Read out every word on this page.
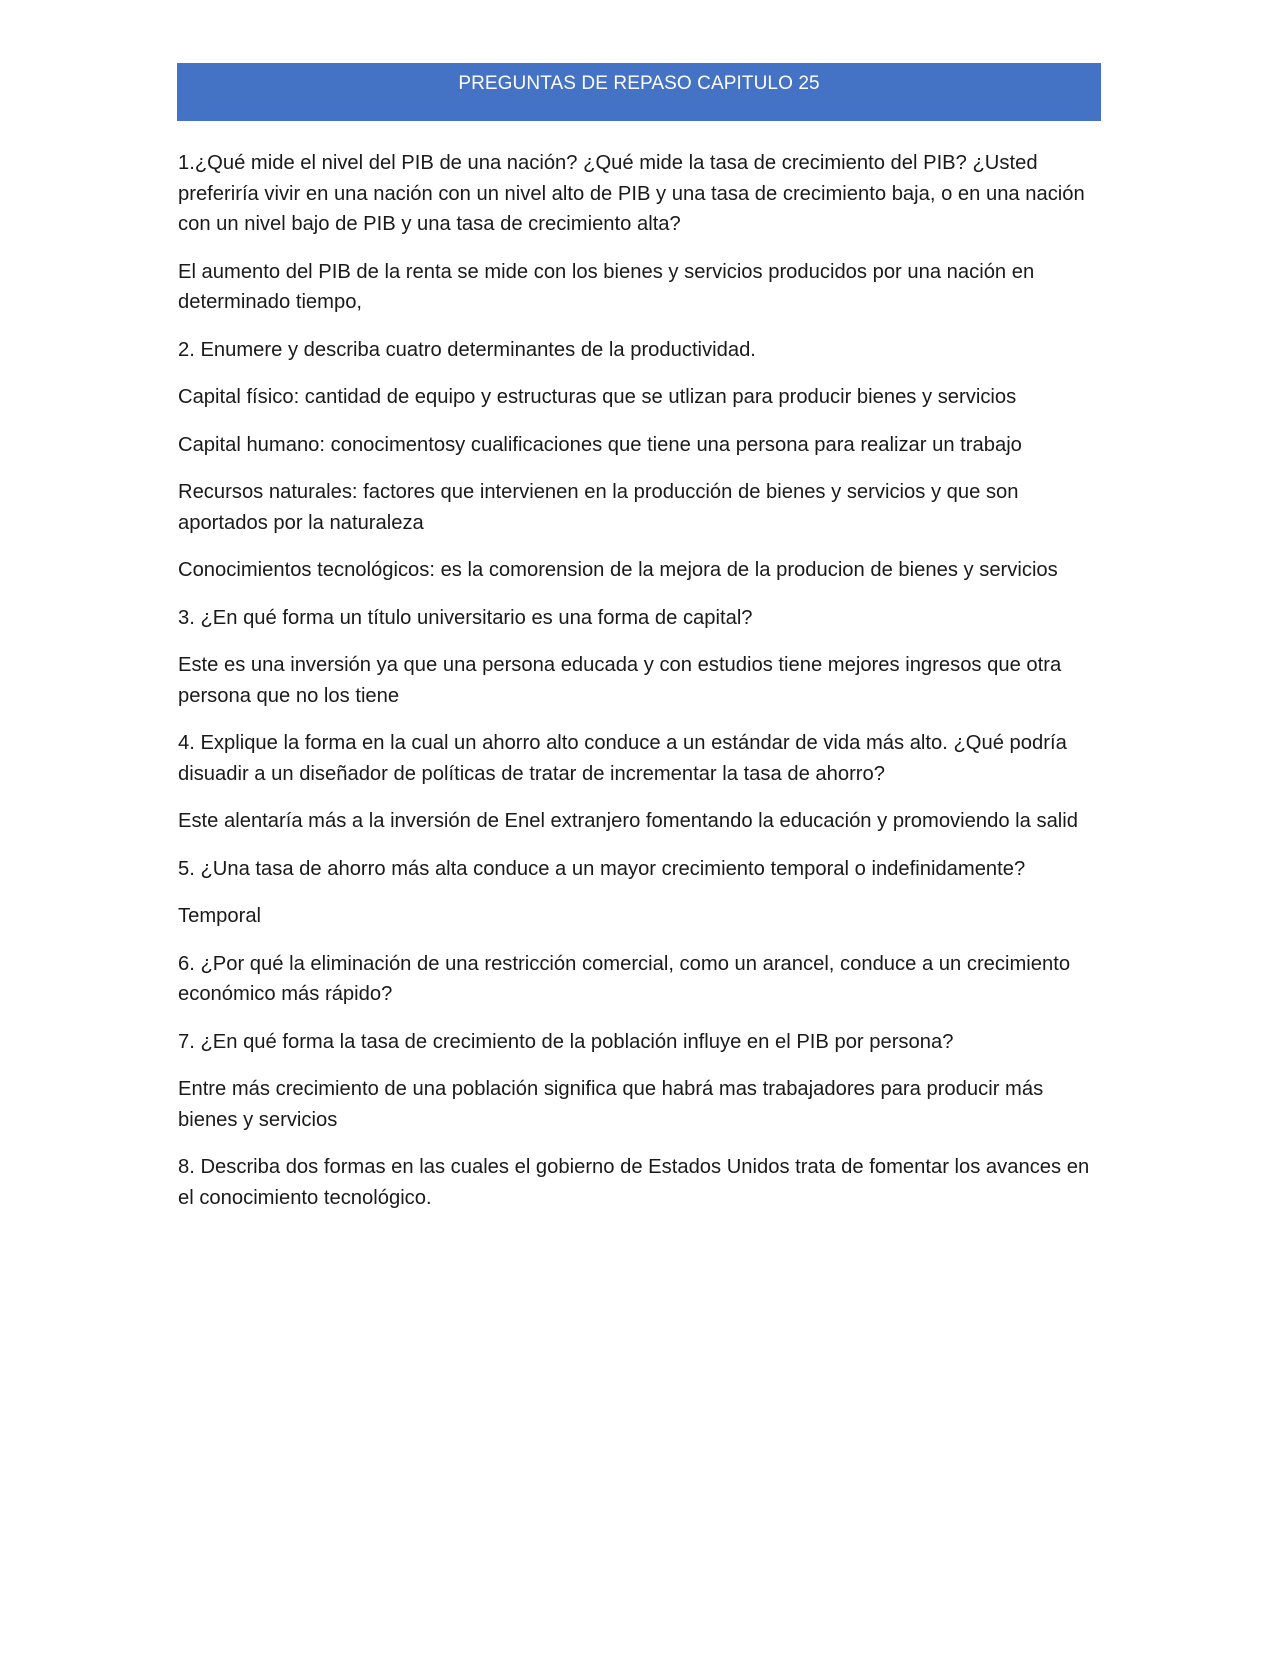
PREGUNTAS DE REPASO CAPITULO 25

1.¿Qué mide el nivel del PIB de una nación? ¿Qué mide la tasa de crecimiento del PIB? ¿Usted preferiría vivir en una nación con un nivel alto de PIB y una tasa de crecimiento baja, o en una nación con un nivel bajo de PIB y una tasa de crecimiento alta?

El aumento del PIB de la renta se mide con los bienes y servicios producidos por una nación en determinado tiempo,

2. Enumere y describa cuatro determinantes de la productividad.

Capital físico: cantidad de equipo y estructuras que se utlizan para producir bienes y servicios

Capital humano: conocimentosy cualificaciones que tiene una persona para realizar un trabajo

Recursos naturales: factores que intervienen en la producción de bienes y servicios y que son aportados por la naturaleza

Conocimientos tecnológicos: es la comorension de la mejora de la producion de bienes y servicios

3. ¿En qué forma un título universitario es una forma de capital?

Este es una inversión ya que una persona educada y con estudios tiene mejores ingresos que otra persona que no los tiene

4. Explique la forma en la cual un ahorro alto conduce a un estándar de vida más alto. ¿Qué podría disuadir a un diseñador de políticas de tratar de incrementar la tasa de ahorro?

Este alentaría más a la inversión de Enel extranjero fomentando la educación y promoviendo la salid

5. ¿Una tasa de ahorro más alta conduce a un mayor crecimiento temporal o indefinidamente?

Temporal

6. ¿Por qué la eliminación de una restricción comercial, como un arancel, conduce a un crecimiento económico más rápido?

7. ¿En qué forma la tasa de crecimiento de la población influye en el PIB por persona?

Entre más crecimiento de una población significa que habrá mas trabajadores para producir más bienes y servicios

8. Describa dos formas en las cuales el gobierno de Estados Unidos trata de fomentar los avances en el conocimiento tecnológico.
